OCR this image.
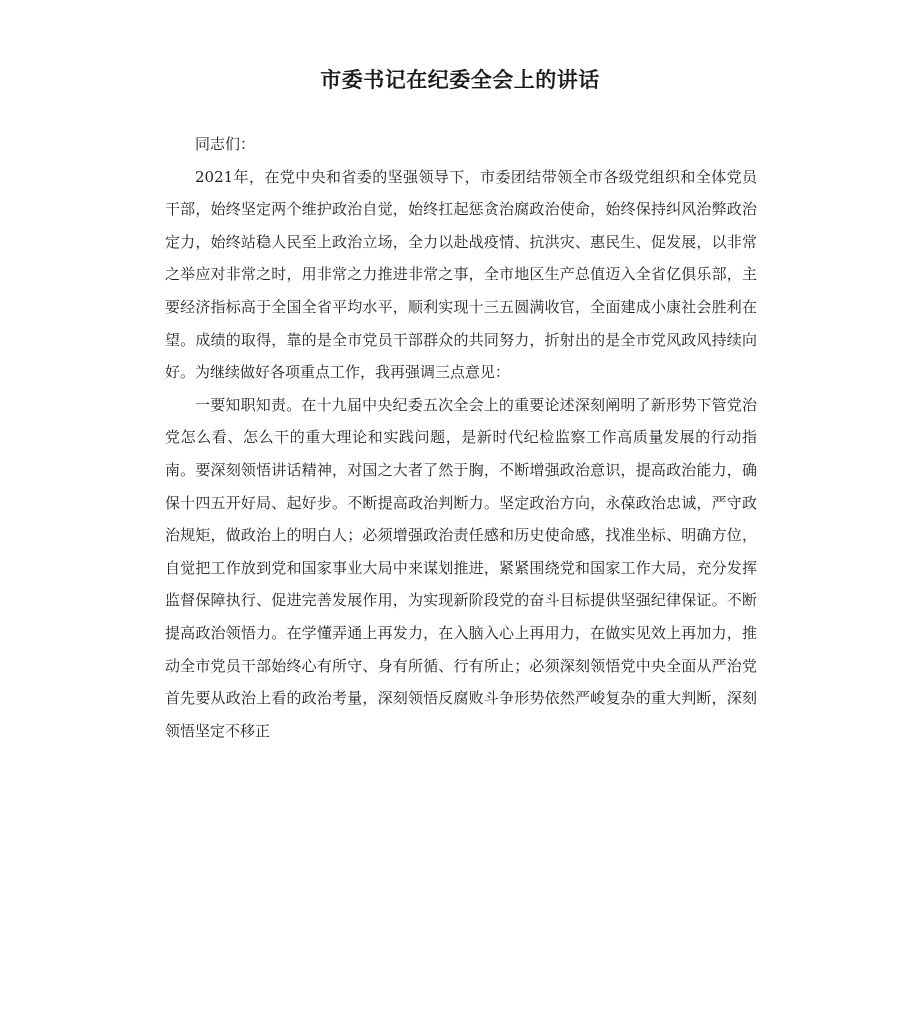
市委书记在纪委全会上的讲话

同志们：

2021年，在党中央和省委的坚强领导下，市委团结带领全市各级党组织和全体党员干部，始终坚定两个维护政治自觉，始终扛起惩贪治腐政治使命，始终保持纠风治弊政治定力，始终站稳人民至上政治立场，全力以赴战疫情、抗洪灾、惠民生、促发展，以非常之举应对非常之时，用非常之力推进非常之事，全市地区生产总值迈入全省亿俱乐部，主要经济指标高于全国全省平均水平，顺利实现十三五圆满收官，全面建成小康社会胜利在望。成绩的取得，靠的是全市党员干部群众的共同努力，折射出的是全市党风政风持续向好。为继续做好各项重点工作，我再强调三点意见：

一要知职知责。在十九届中央纪委五次全会上的重要论述深刻阐明了新形势下管党治党怎么看、怎么干的重大理论和实践问题，是新时代纪检监察工作高质量发展的行动指南。要深刻领悟讲话精神，对国之大者了然于胸，不断增强政治意识，提高政治能力，确保十四五开好局、起好步。不断提高政治判断力。坚定政治方向，永葆政治忠诚，严守政治规矩，做政治上的明白人；必须增强政治责任感和历史使命感，找准坐标、明确方位，自觉把工作放到党和国家事业大局中来谋划推进，紧紧围绕党和国家工作大局，充分发挥监督保障执行、促进完善发展作用，为实现新阶段党的奋斗目标提供坚强纪律保证。不断提高政治领悟力。在学懂弄通上再发力，在入脑入心上再用力，在做实见效上再加力，推动全市党员干部始终心有所守、身有所循、行有所止；必须深刻领悟党中央全面从严治党首先要从政治上看的政治考量，深刻领悟反腐败斗争形势依然严峻复杂的重大判断，深刻领悟坚定不移正
